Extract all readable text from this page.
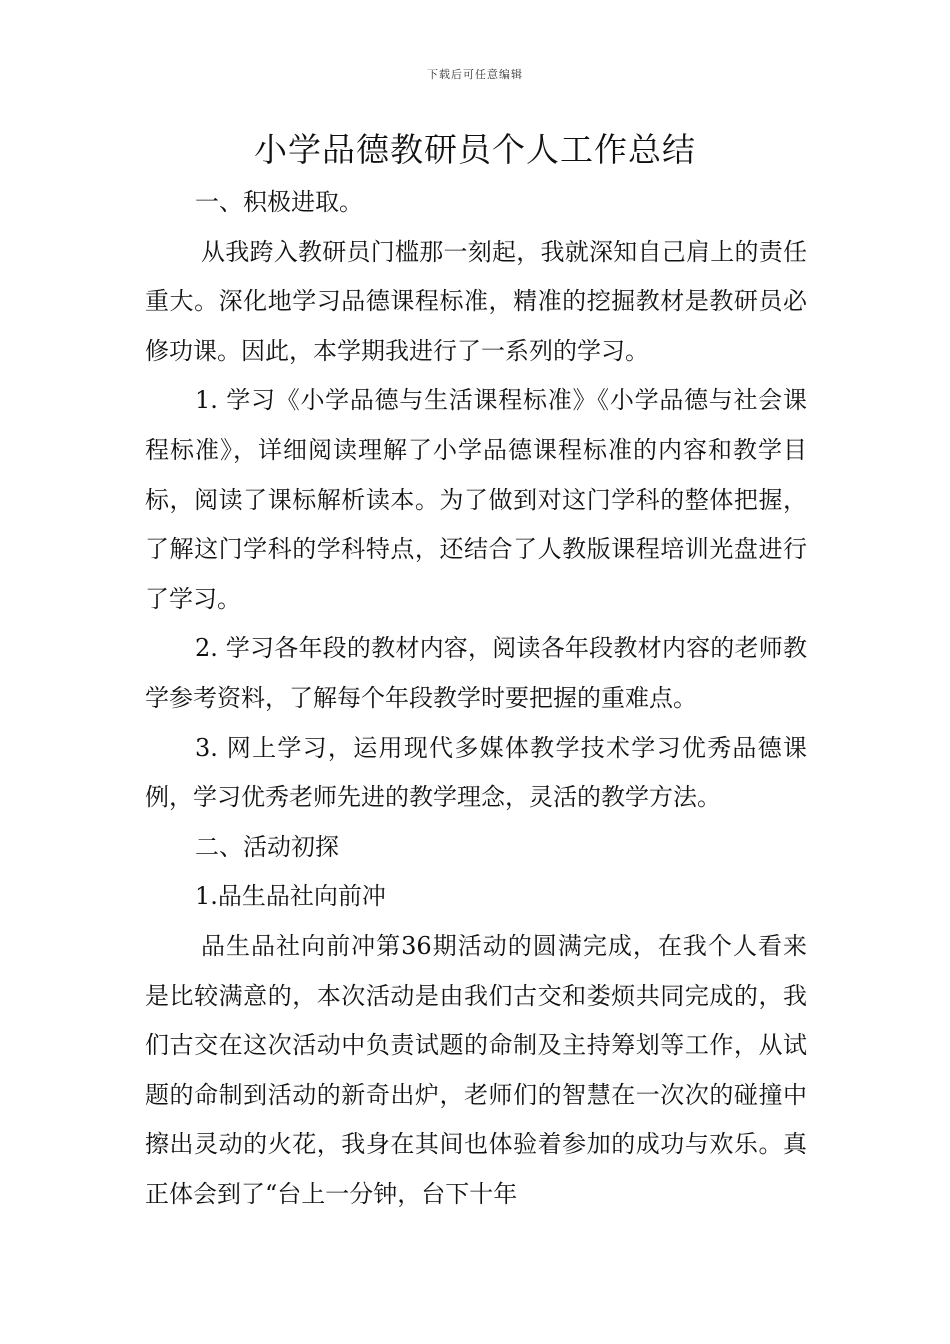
下载后可任意编辑
小学品德教研员个人工作总结

一、积极进取。

从我跨入教研员门槛那一刻起，我就深知自己肩上的责任重大。深化地学习品德课程标准，精准的挖掘教材是教研员必修功课。因此，本学期我进行了一系列的学习。

1. 学习《小学品德与生活课程标准》《小学品德与社会课程标准》，详细阅读理解了小学品德课程标准的内容和教学目标，阅读了课标解析读本。为了做到对这门学科的整体把握，了解这门学科的学科特点，还结合了人教版课程培训光盘进行了学习。

2. 学习各年段的教材内容，阅读各年段教材内容的老师教学参考资料，了解每个年段教学时要把握的重难点。

3. 网上学习，运用现代多媒体教学技术学习优秀品德课例，学习优秀老师先进的教学理念，灵活的教学方法。

二、活动初探

1.品生品社向前冲

品生品社向前冲第36期活动的圆满完成，在我个人看来是比较满意的，本次活动是由我们古交和娄烦共同完成的，我们古交在这次活动中负责试题的命制及主持筹划等工作，从试题的命制到活动的新奇出炉，老师们的智慧在一次次的碰撞中擦出灵动的火花，我身在其间也体验着参加的成功与欢乐。真正体会到了“台上一分钟，台下十年
